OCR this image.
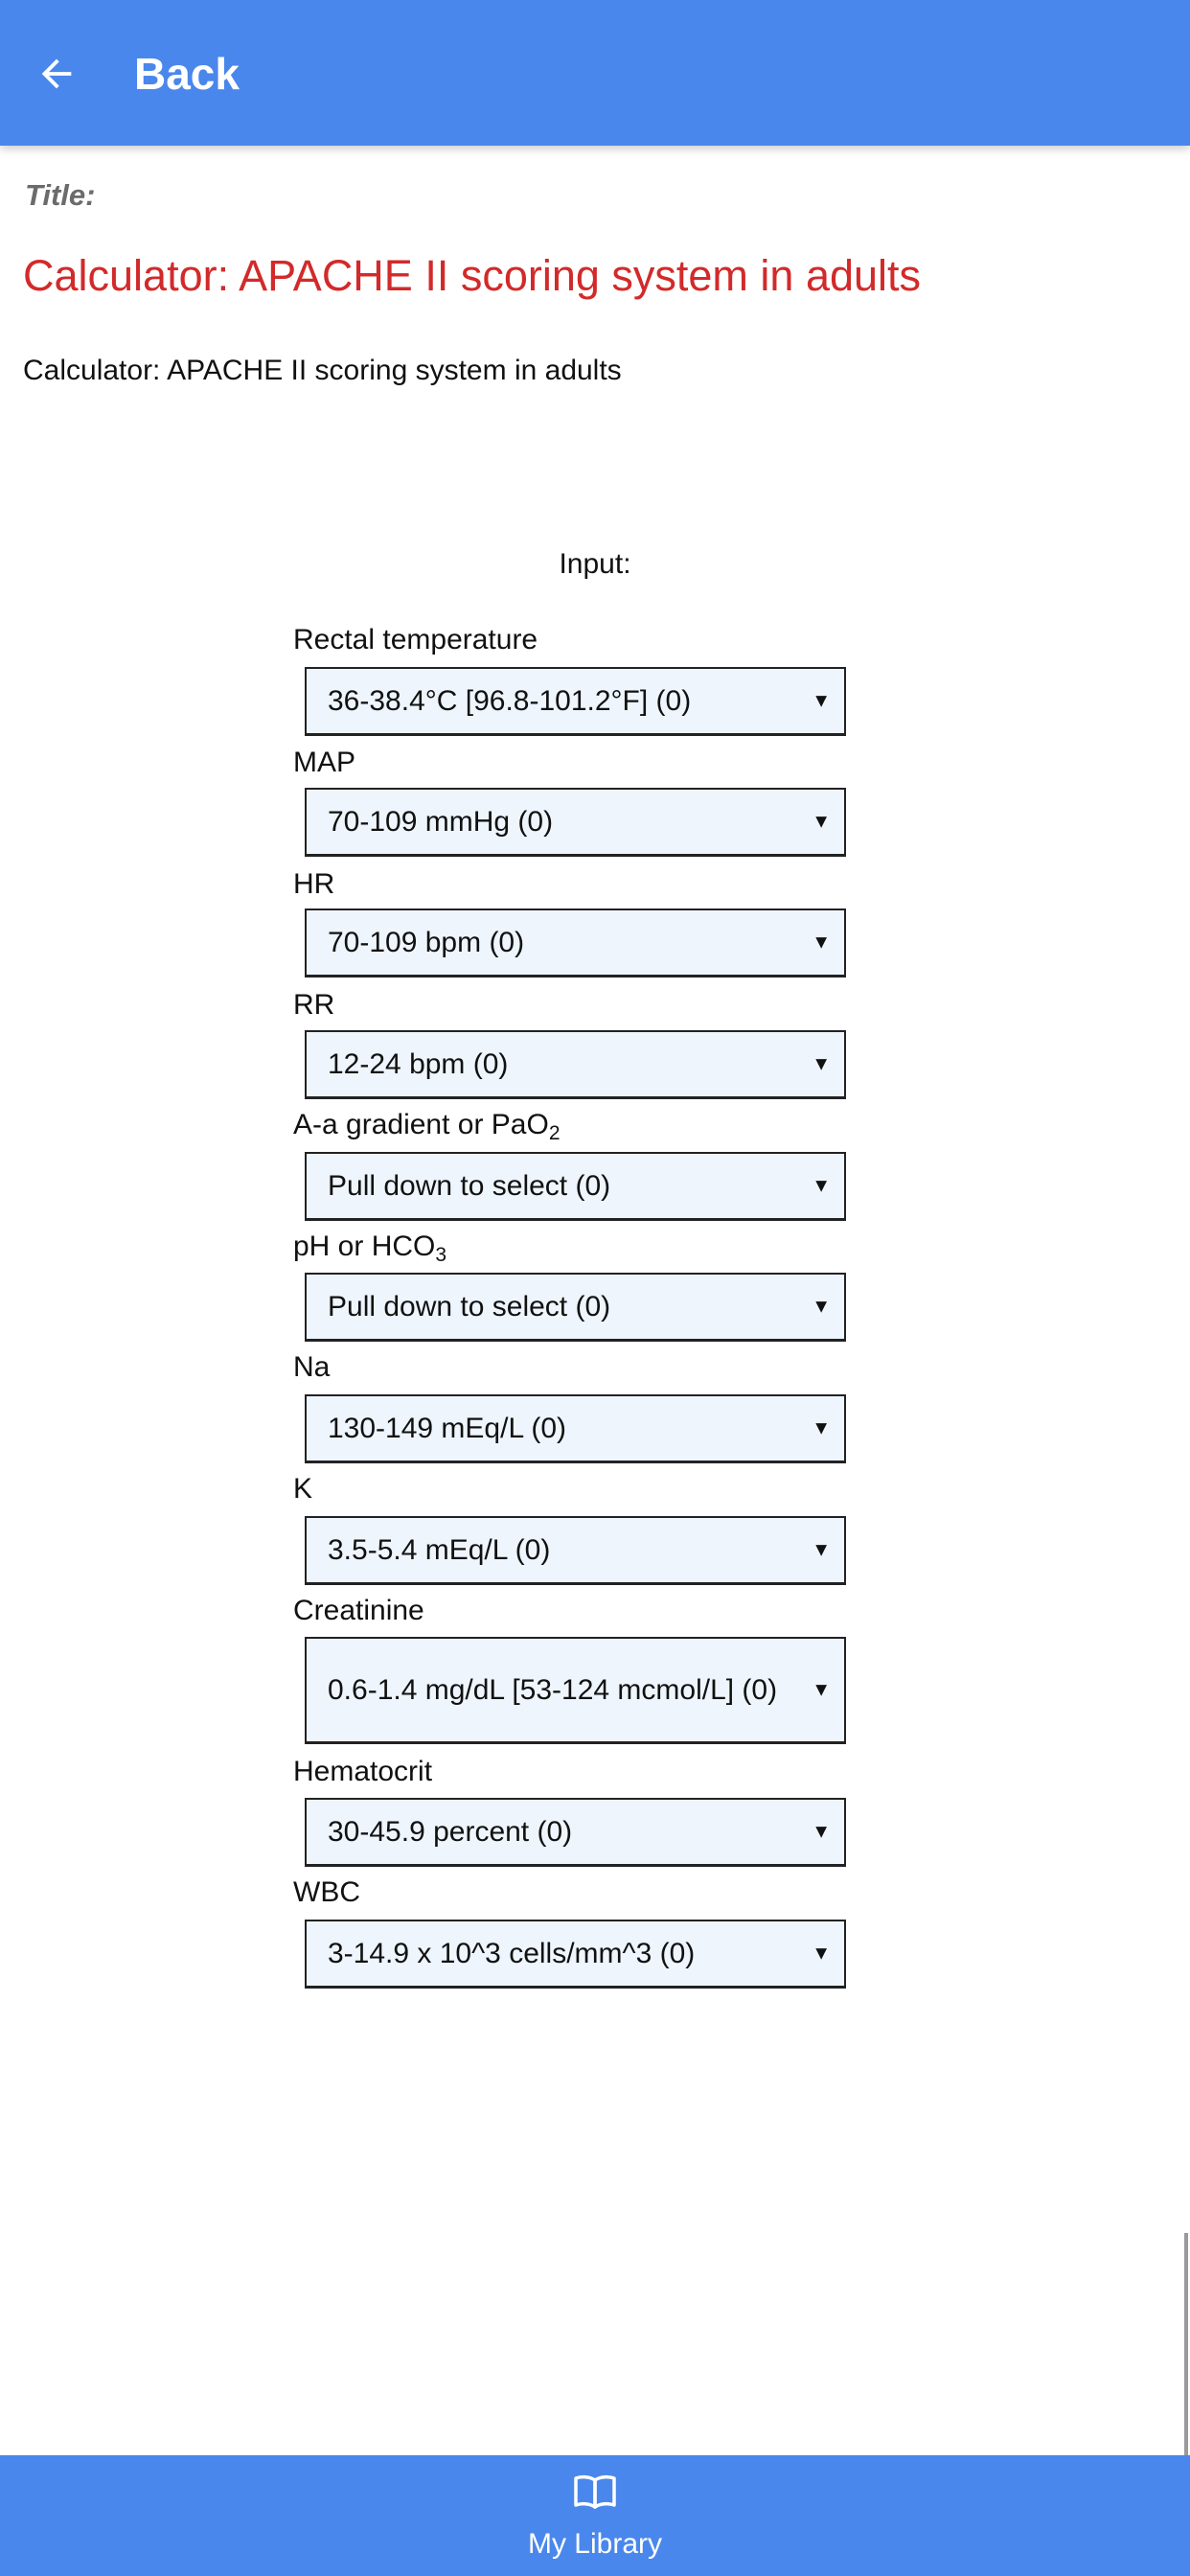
Back
Title:
Calculator: APACHE II scoring system in adults
Calculator: APACHE II scoring system in adults
Input:
Rectal temperature
36-38.4°C [96.8-101.2°F] (0)	▼
MAP
70-109 mmHg (0)	▼
HR
70-109 bpm (0)	▼
RR
12-24 bpm (0)	▼
A-a gradient or PaO$_2$
Pull down to select (0)	▼
pH or $HCO_3$
Pull down to select (0)	▼
Na
130-149 mEq/L (0)	▼
K
3.5-5.4 mEq/L (0)	▼
Creatinine
0.6-1.4 mg/dL [53-124 mcmol/L] (0)	▼
Hematocrit
30-45.9 percent (0)	▼
WBC
3-14.9 x 10^3 cells/mm^3 (0)	▼
My Library
